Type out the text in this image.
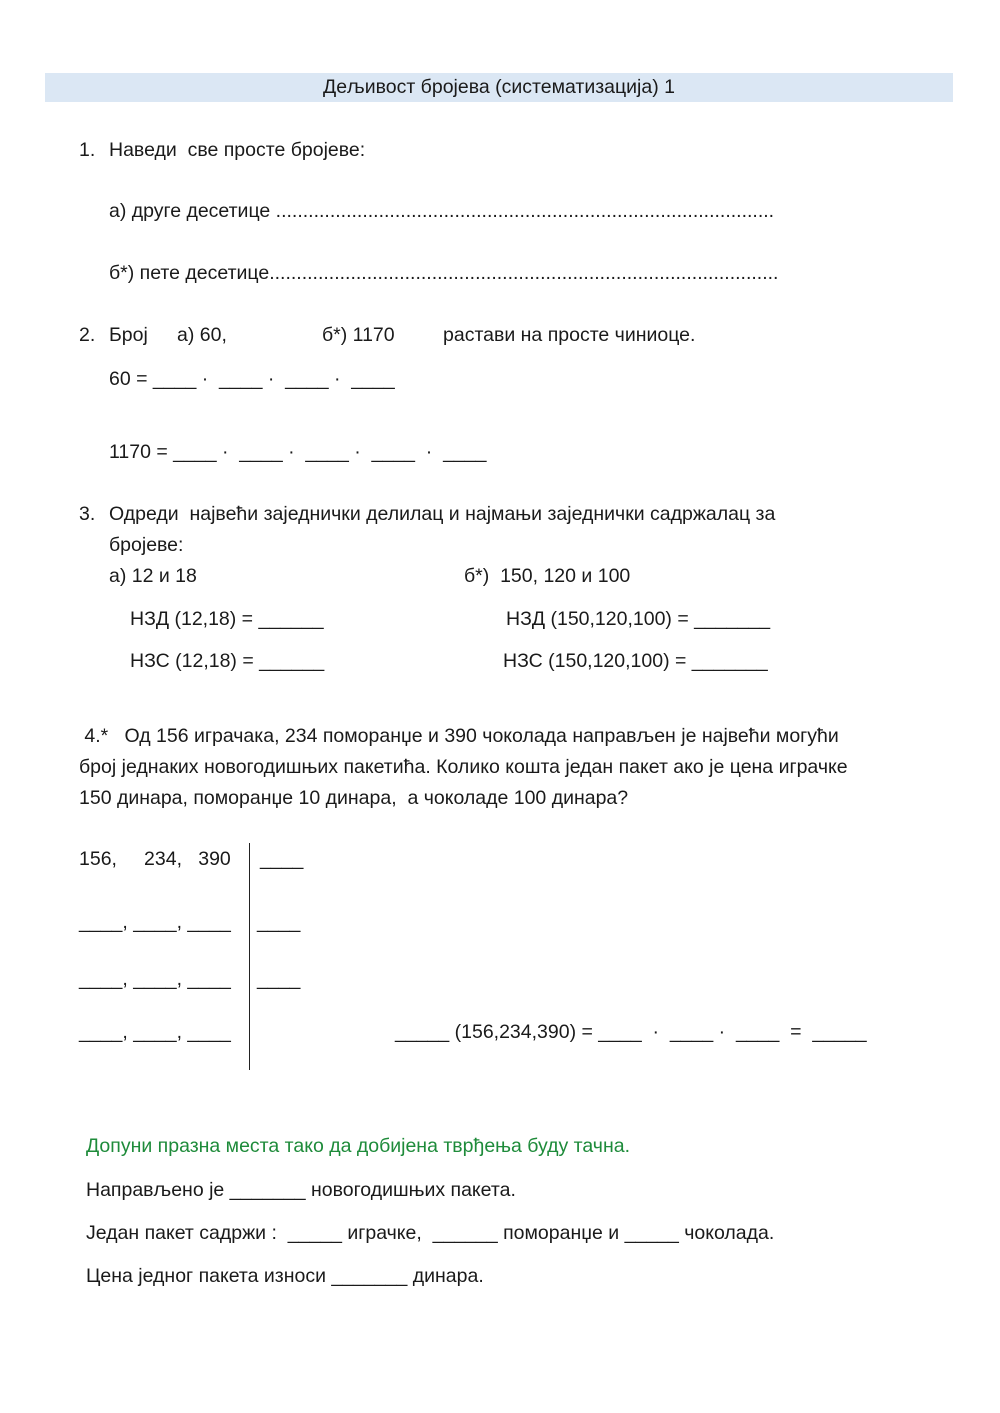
Дељивост бројева (систематизација) 1
1. Наведи  све просте бројеве:
а) друге десетице ............................................................................................
б*) пете десетице..............................................................................................
2. Број а) 60,	б*) 1170 растави на просте чиниоце.
60 = ____ ·  ____ ·  ____ ·  ____
1170 = ____ ·  ____ ·  ____ ·  ____  ·  ____
3. Одреди  највећи заједнички делилац и најмањи заједнички садржалац за
бројеве:
а) 12 и 18	б*)  150, 120 и 100
НЗД (12,18) = ______	НЗД (150,120,100) = _______
НЗС (12,18) = ______	НЗС (150,120,100) = _______
4.*   Од 156 играчака, 234 поморанџе и 390 чоколада направљен је највећи могући
број једнаких новогодишњих пакетића. Колико кошта један пакет ако је цена играчке
150 динара, поморанџе 10 динара,  а чоколаде 100 динара?
156,     234,   390 ____
____, ____, ____ ____
____, ____, ____ ____
____, ____, ____	_____ (156,234,390) = ____  ·  ____ ·  ____  =  _____
Допуни празна места тако да добијена тврђења буду тачна.
Направљено је _______ новогодишњих пакета.
Један пакет садржи :  _____ играчке,  ______ поморанџе и _____ чоколада.
Цена једног пакета износи _______ динара.
